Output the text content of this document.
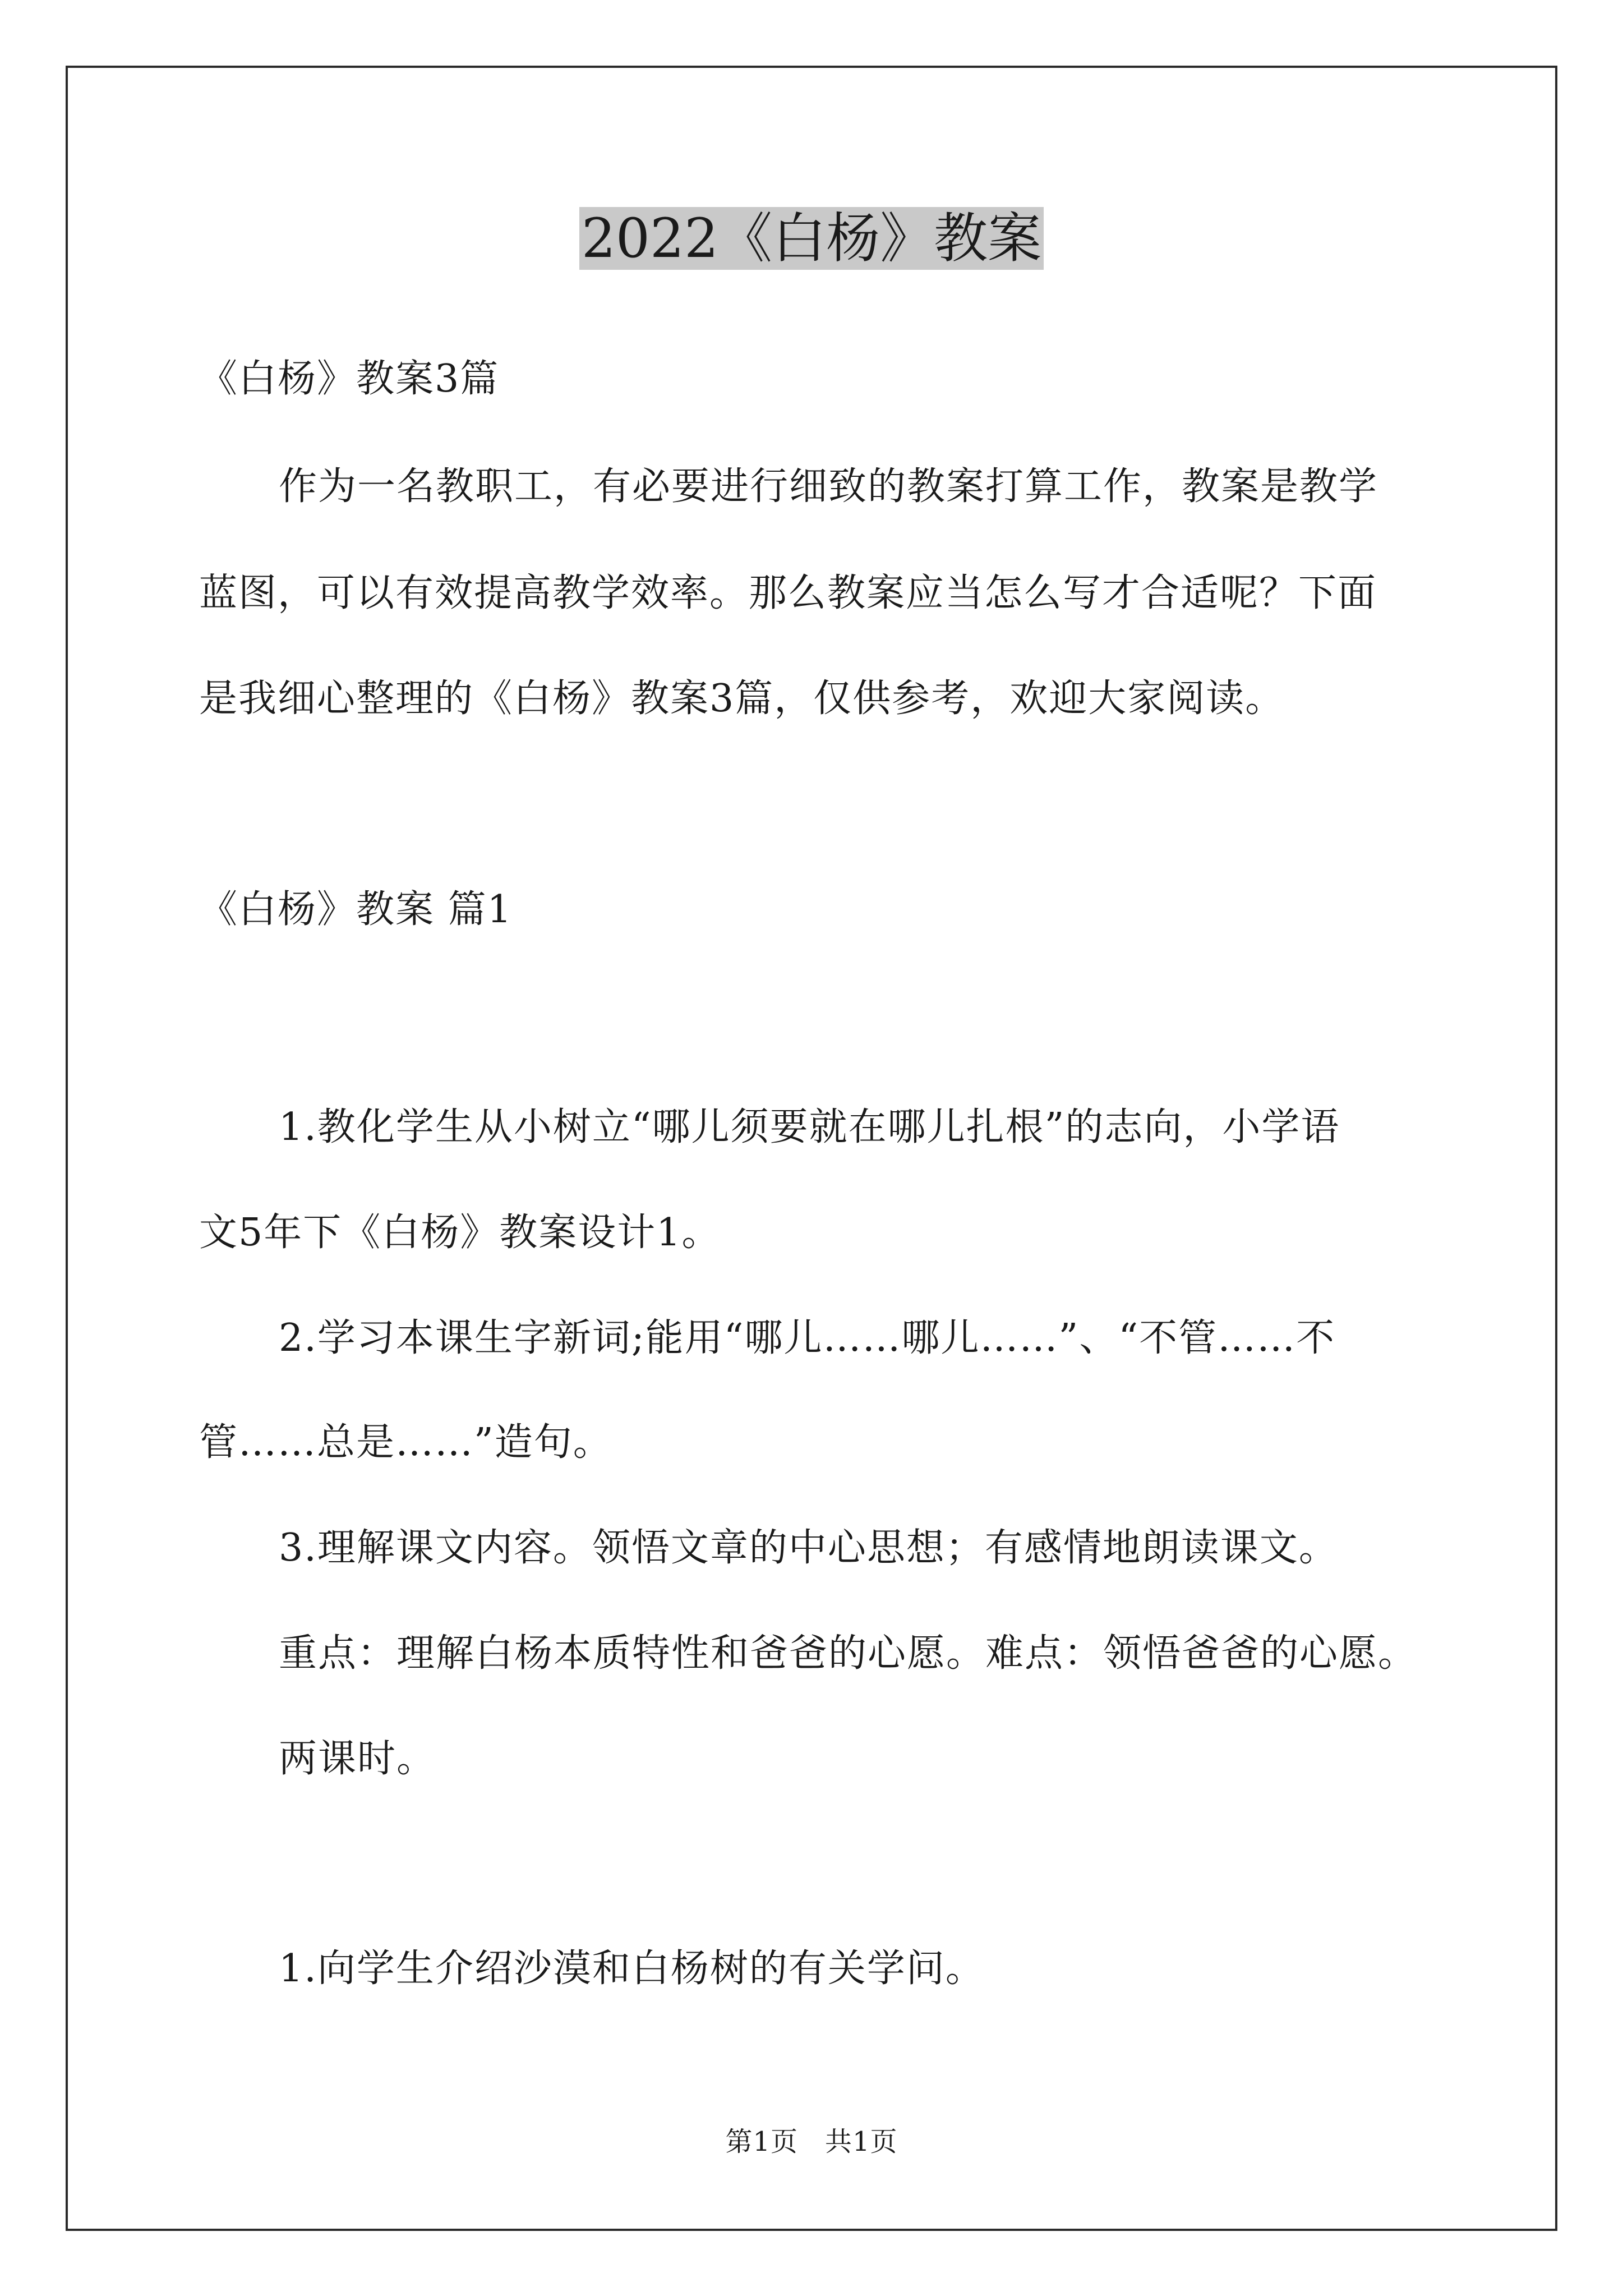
2022《白杨》教案
《白杨》教案3篇
作为一名教职工，有必要进行细致的教案打算工作，教案是教学
蓝图，可以有效提高教学效率。那么教案应当怎么写才合适呢？下面
是我细心整理的《白杨》教案3篇，仅供参考，欢迎大家阅读。
《白杨》教案 篇1
1.教化学生从小树立“哪儿须要就在哪儿扎根”的志向，小学语
文5年下《白杨》教案设计1。
2.学习本课生字新词;能用“哪儿……哪儿……”、“不管……不
管……总是……”造句。
3.理解课文内容。领悟文章的中心思想；有感情地朗读课文。
重点：理解白杨本质特性和爸爸的心愿。难点：领悟爸爸的心愿。
两课时。
1.向学生介绍沙漠和白杨树的有关学问。
第1页 共1页
